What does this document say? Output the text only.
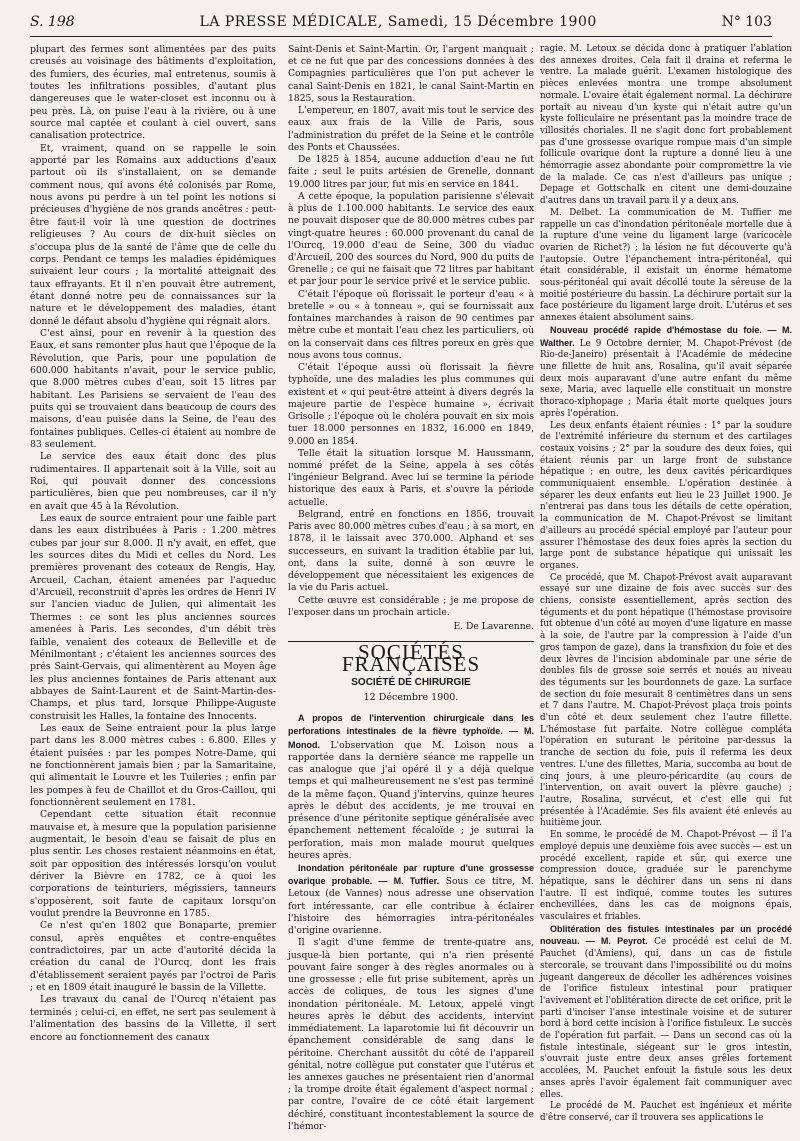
S. 198	LA PRESSE MÉDICALE, Samedi, 15 Décembre 1900	N° 103

plupart des fermes sont alimentées par des puits creusés au voisinage des bâtiments d'exploitation, des fumiers, des écuries, mal entretenus, soumis à toutes les infiltrations possibles, d'autant plus dangereuses que le water-closet est inconnu ou à peu près. Là, on puise l'eau à la rivière, ou à une source mal captée et coulant à ciel ouvert, sans canalisation protectrice.

Et, vraiment, quand on se rappelle le soin apporté par les Romains aux adductions d'eaux partout où ils s'installaient, on se demande comment nous, qui avons été colonisés par Rome, nous avons pu perdre à un tel point les notions si précieuses d'hygiène de nos grands ancêtres : peut-être faut-il voir là une question de doctrines religieuses ? Au cours de dix-huit siècles on s'occupa plus de la santé de l'âme que de celle du corps. Pendant ce temps les maladies épidémiques suivaient leur cours ; la mortalité atteignait des taux effrayants. Et il n'en pouvait être autrement, étant donné notre peu de connaissances sur la nature et le développement des maladies, étant donné le défaut absolu d'hygiène qui régnait alors.

C'est ainsi, pour en revenir à la question des Eaux, et sans remonter plus haut que l'époque de la Révolution, que Paris, pour une population de 600.000 habitants n'avait, pour le service public, que 8.000 mètres cubes d'eau, soit 15 litres par habitant. Les Parisiens se servaient de l'eau des puits qui se trouvaient dans beaucoup de cours des maisons, d'eau puisée dans la Seine, de l'eau des fontaines publiques. Celles-ci étaient au nombre de 83 seulement.

Le service des eaux était donc des plus rudimentaires. Il appartenait soit à la Ville, soit au Roi, qui pouvait donner des concessions particulières, bien que peu nombreuses, car il n'y en avait que 45 à la Révolution.

Les eaux de source entraient pour une faible part dans les eaux distribuées à Paris : 1.200 mètres cubes par jour sur 8.000. Il n'y avait, en effet, que les sources dites du Midi et celles du Nord. Les premières provenant des coteaux de Rengis, Hay, Arcueil, Cachan, étaient amenées par l'aqueduc d'Arcueil, reconstruit d'après les ordres de Henri IV sur l'ancien viaduc de Julien, qui alimentait les Thermes : ce sont les plus anciennes sources amenées à Paris. Les secondes, d'un débit très faible, venaient des coteaux de Belleville et de Ménilmontant ; c'étaient les anciennes sources des prés Saint-Gervais, qui alimentèrent au Moyen âge les plus anciennes fontaines de Paris attenant aux abbayes de Saint-Laurent et de Saint-Martin-des-Champs, et plus tard, lorsque Philippe-Auguste construisit les Halles, la fontaine des Innocents.

Les eaux de Seine entraient pour la plus large part dans les 8.000 mètres cubes : 6.800. Elles y étaient puisées : par les pompes Notre-Dame, qui ne fonctionnèrent jamais bien ; par la Samaritaine, qui alimentait le Louvre et les Tuileries ; enfin par les pompes à feu de Chaillot et du Gros-Caillou, qui fonctionnèrent seulement en 1781.

Cependant cette situation était reconnue mauvaise et, à mesure que la population parisienne augmentait, le besoin d'eau se faisait de plus en plus sentir. Les choses restaient néanmoins en état, soit par opposition des intéressés lorsqu'on voulut dériver la Bièvre en 1782, ce à quoi les corporations de teinturiers, mégissiers, tanneurs s'opposèrent, soit faute de capitaux lorsqu'on voulut prendre la Beuvronne en 1785.

Ce n'est qu'en 1802 que Bonaparte, premier consul, après enquêtes et contre-enquêtes contradictoires, par un acte d'autorité décida la création du canal de l'Ourcq, dont les frais d'établissement seraient payés par l'octroi de Paris ; et en 1809 était inauguré le bassin de la Villette.

Les travaux du canal de l'Ourcq n'étaient pas terminés ; celui-ci, en effet, ne sert pas seulement à l'alimentation des bassins de la Villette, il sert encore au fonctionnement des canaux

Saint-Denis et Saint-Martin. Or, l'argent manquait ; et ce ne fut que par des concessions données à des Compagnies particulières que l'on put achever le canal Saint-Denis en 1821, le canal Saint-Martin en 1825, sous la Restauration.

L'empereur, en 1807, avait mis tout le service des eaux aux frais de la Ville de Paris, sous l'administration du préfet de la Seine et le contrôle des Ponts et Chaussées.

De 1825 à 1854, aucune adduction d'eau ne fut faite ; seul le puits artésien de Grenelle, donnant 19.000 litres par jour, fut mis en service en 1841.

A cette époque, la population parisienne s'élevait à plus de 1.100.000 habitants. Le service des eaux ne pouvait disposer que de 80.000 mètres cubes par vingt-quatre heures : 60.000 provenant du canal de l'Ourcq, 19.000 d'eau de Seine, 300 du viaduc d'Arcueil, 200 des sources du Nord, 900 du puits de Grenelle ; ce qui ne faisait que 72 litres par habitant et par jour pour le service privé et le service public.

C'était l'époque où florissait le porteur d'eau « à bretelle » ou « à tonneau », qui se fournissait aux fontaines marchandes à raison de 90 centimes par mètre cube et montait l'eau chez les particuliers, où on la conservait dans ces filtres poreux en grès que nous avons tous connus.

C'était l'époque aussi où florissait la fièvre typhoïde, une des maladies les plus communes qui existent et « qui peut-être atteint à divers degrés la majeure partie de l'espèce humaine », écrivait Grisolle ; l'époque où le choléra pouvait en six mois tuer 18.000 personnes en 1832, 16.000 en 1849, 9.000 en 1854.

Telle était la situation lorsque M. Haussmann, nommé préfet de la Seine, appela à ses côtés l'ingénieur Belgrand. Avec lui se termine la période historique des eaux à Paris, et s'ouvre la période actuelle.

Belgrand, entré en fonctions en 1856, trouvait Paris avec 80.000 mètres cubes d'eau ; à sa mort, en 1878, il le laissait avec 370.000. Alphand et ses successeurs, en suivant la tradition établie par lui, ont, dans la suite, donné à son œuvre le développement que nécessitaient les exigences de la vie du Paris actuel.

Cette œuvre est considérable ; je me propose de l'exposer dans un prochain article.

E. De Lavarenne.

SOCIÉTÉS FRANÇAISES
SOCIÉTÉ DE CHIRURGIE
12 Décembre 1900.

A propos de l'intervention chirurgicale dans les perforations intestinales de la fièvre typhoïde. — M. Monod. L'observation que M. Loison nous a rapportée dans la dernière séance me rappelle un cas analogue que j'ai opéré il y a déjà quelque temps et qui malheureusement ne s'est pas terminé de la même façon. Quand j'intervins, quinze heures après le début des accidents, je me trouvai en présence d'une péritonite septique généralisée avec épanchement nettement fécaloïde ; je suturai la perforation, mais mon malade mourut quelques heures après.

Inondation péritonéale par rupture d'une grossesse ovarique probable. — M. Tuffier. Sous ce titre, M. Letoux (de Vannes) nous adresse une observation fort intéressante, car elle contribue à éclairer l'histoire des hémorragies intra-péritonéales d'origine ovarienne.

Il s'agit d'une femme de trente-quatre ans, jusque-là bien portante, qui n'a rien présenté pouvant faire songer à des règles anormales ou à une grossesse ; elle fut prise subitement, après un accès de coliques, de tous les signes d'une inondation péritonéale. M. Letoux, appelé vingt heures après le début des accidents, intervint immédiatement. La laparotomie lui fit découvrir un épanchement considérable de sang dans le péritoine. Cherchant aussitôt du côté de l'appareil génital, notre collègue put constater que l'utérus et les annexes gauches ne présentaient rien d'anormal ; la trompe droite était également d'aspect normal ; par contre, l'ovaire de ce côté était largement déchiré, constituant incontestablement la source de l'hémor-

ragie. M. Letoux se décida donc à pratiquer l'ablation des annexes droites. Cela fait il draina et referma le ventre. La malade guérit. L'examen histologique des pièces enlevées montra une trompe absolument normale. L'ovaire était également normal. La déchirure portait au niveau d'un kyste qui n'était autre qu'un kyste folliculaire ne présentant pas la moindre trace de villosités choriales. Il ne s'agit donc fort probablement pas d'une grossesse ovarique rompue mais d'un simple follicule ovarique dont la rupture a donné lieu à une hémorragie assez abondante pour compromettre la vie de la malade. Ce cas n'est d'ailleurs pas unique ; Depage et Gottschalk en citent une demi-douzaine d'autres dans un travail paru il y a deux ans.

M. Delbet. La communication de M. Tuffier me rappelle un cas d'inondation péritonéale mortelle due à la rupture d'une veine du ligament large (varicocèle ovarien de Richet?) ; la lésion ne fut découverte qu'à l'autopsie. Outre l'épanchement intra-péritonéal, qui était considérable, il existait un énorme hématome sous-péritonéal qui avait décollé toute la séreuse de la moitié postérieure du bassin. La déchirure portait sur la face postérieure du ligament large droit. L'utérus et ses annexes étaient absolument sains.

Nouveau procédé rapide d'hémostase du foie. — M. Walther. Le 9 Octobre dernier, M. Chapot-Prévost (de Rio-de-Janeiro) présentait à l'Académie de médecine une fillette de huit ans, Rosalina, qu'il avait séparée deux mois auparavant d'une autre enfant du même sexe, Maria, avec laquelle elle constituait un monstre thoraco-xiphopage ; Maria était morte quelques jours après l'opération.

Les deux enfants étaient réunies : 1° par la soudure de l'extrémité inférieure du sternum et des cartilages costaux voisins ; 2° par la soudure des deux foies, qui étaient réunis par un large front de substance hépatique ; en outre, les deux cavités péricardiques communiquaient ensemble. L'opération destinée à séparer les deux enfants eut lieu le 23 Juillet 1900. Je n'entrerai pas dans tous les détails de cette opération, la communication de M. Chapot-Prévost se limitant d'ailleurs au procédé spécial employé par l'auteur pour assurer l'hémostase des deux foies après la section du large pont de substance hépatique qui unissait les organes.

Ce procédé, que M. Chapot-Prévost avait auparavant essayé sur une dizaine de fois avec succès sur des chiens, consiste essentiellement, après section des téguments et du pont hépatique (l'hémostase provisoire fut obtenue d'un côté au moyen d'une ligature en masse à la soie, de l'autre par la compression à l'aide d'un gros tampon de gaze), dans la transfixion du foie et des deux lèvres de l'incision abdominale par une série de doubles fils de grosse soie serrés et noués au niveau des téguments sur les bourdonnets de gaze. La surface de section du foie mesurait 8 centimètres dans un sens et 7 dans l'autre. M. Chapot-Prévost plaça trois points d'un côté et deux seulement chez l'autre fillette. L'hémostase fut parfaite. Notre collègue compléta l'opération en suturant le péritoine par-dessus la tranche de section du foie, puis il referma les deux ventres. L'une des fillettes, Maria, succomba au bout de cinq jours, à une pleuro-péricardite (au cours de l'intervention, on avait ouvert la plèvre gauche) ; l'autre, Rosalina, survécut, et c'est elle qui fut présentée à l'Académie. Ses fils avaient été enlevés au huitième jour.

En somme, le procédé de M. Chapot-Prévost — il l'a employé depuis une deuxième fois avec succès — est un procédé excellent, rapide et sûr, qui exerce une compression douce, graduée sur le parenchyme hépatique, sans le déchirer dans un sens ni dans l'autre. Il est indiqué, comme toutes les sutures enchevillées, dans les cas de moignons épais, vasculaires et friables.

Oblitération des fistules intestinales par un procédé nouveau. — M. Peyrot. Ce procédé est celui de M. Pauchet (d'Amiens), qui, dans un cas de fistule stercorale, se trouvant dans l'impossibilité ou du moins jugeant dangereux de décoller les adhérences voisines de l'orifice fistuleux intestinal pour pratiquer l'avivement et l'oblitération directe de cet orifice, prit le parti d'inciser l'anse intestinale voisine et de suturer bord à bord cette incision à l'orifice fistuleux. Le succès de l'opération fut parfait. — Dans un second cas où la fistule intestinale, siégeant sur le gros intestin, s'ouvrait juste entre deux anses grêles fortement accolées, M. Pauchet enfouit la fistule sous les deux anses après l'avoir également fait communiquer avec elles.

Le procédé de M. Pauchet est ingénieux et mérite d'être conservé, car il trouvera ses applications le
